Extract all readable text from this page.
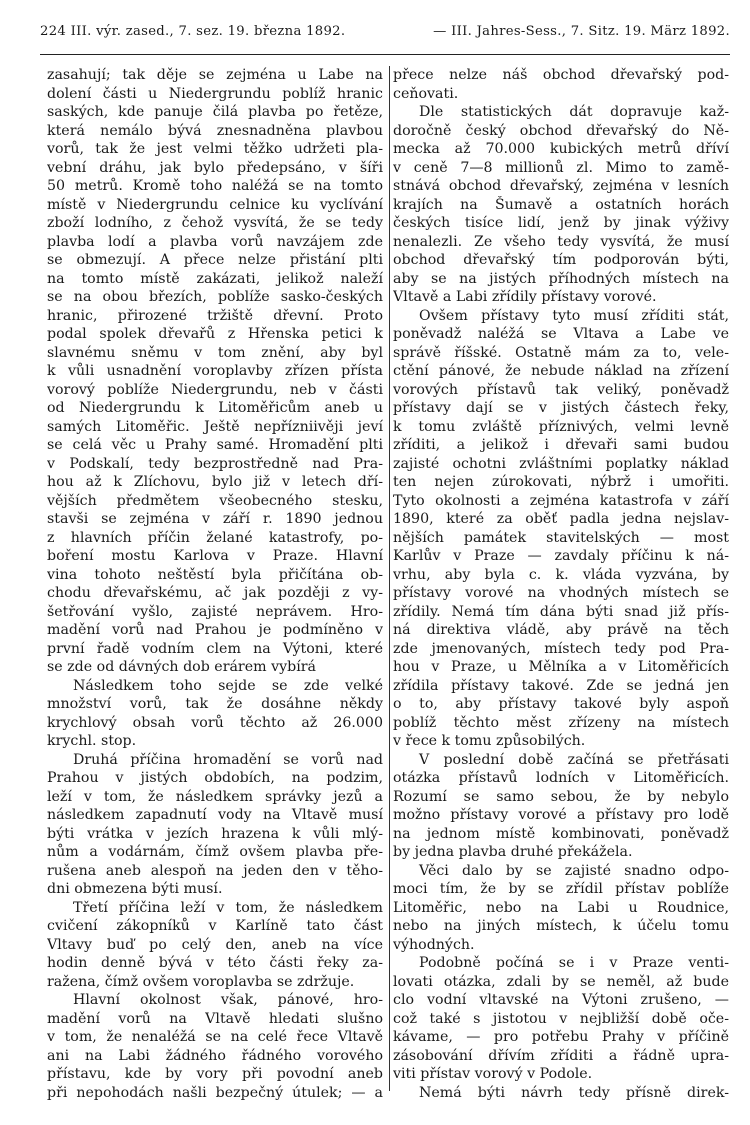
224 III. výr. zased., 7. sez. 19. března 1892.	— III. Jahres-Sess., 7. Sitz. 19. März 1892.
zasahují; tak děje se zejména u Labe na
dolení části u Niedergrundu poblíž hranic
saských, kde panuje čilá plavba po řetěze,
která nemálo bývá znesnadněna plavbou
vorů, tak že jest velmi těžko udržeti pla-
vební dráhu, jak bylo předepsáno, v šíři
50 metrů. Kromě toho naléžá se na tomto
místě v Niedergrundu celnice ku vyclívání
zboží lodního, z čehož vysvítá, že se tedy
plavba lodí a plavba vorů navzájem zde
se obmezují. A přece nelze přistání plti
na tomto místě zakázati, jelikož naleží
se na obou březích, poblíže sasko-českých
hranic, přirozené tržiště dřevní. Proto
podal spolek dřevařů z Hřenska petici k
slavnému sněmu v tom znění, aby byl
k vůli usnadnění voroplavby zřízen přísta
vorový poblíže Niedergrundu, neb v části
od Niedergrundu k Litoměřicům aneb u
samých Litoměřic. Ještě nepřízniivěji jeví
se celá věc u Prahy samé. Hromadění plti
v Podskalí, tedy bezprostředně nad Pra-
hou až k Zlíchovu, bylo již v letech dří-
vějších předmětem všeobecného stesku,
stavši se zejména v září r. 1890 jednou
z hlavních příčin želané katastrofy, po-
boření mostu Karlova v Praze. Hlavní
vina tohoto neštěstí byla přičítána ob-
chodu dřevařskému, ač jak později z vy-
šetřování vyšlo, zajisté neprávem. Hro-
madění vorů nad Prahou je podmíněno v
první řadě vodním clem na Výtoni, které
se zde od dávných dob erárem vybírá
Následkem toho sejde se zde velké
množství vorů, tak že dosáhne někdy
krychlový obsah vorů těchto až 26.000
krychl. stop.
Druhá příčina hromadění se vorů nad
Prahou v jistých obdobích, na podzim,
leží v tom, že následkem správky jezů a
následkem zapadnutí vody na Vltavě musí
býti vrátka v jezích hrazena k vůli mlý-
nům a vodárnám, čímž ovšem plavba pře-
rušena aneb alespoň na jeden den v těho-
dni obmezena býti musí.
Třetí příčina leží v tom, že následkem
cvičení zákopníků v Karlíně tato část
Vltavy buď po celý den, aneb na více
hodin denně bývá v této části řeky za-
ražena, čímž ovšem voroplavba se zdržuje.
Hlavní okolnost však, pánové, hro-
madění vorů na Vltavě hledati slušno
v tom, že nenaléžá se na celé řece Vltavě
ani na Labi žádného řádného vorového
přístavu, kde by vory při povodní aneb
při nepohodách našli bezpečný útulek; — a
přece nelze náš obchod dřevařský pod-
ceňovati.
Dle statistických dát dopravuje kaž-
doročně český obchod dřevařský do Ně-
mecka až 70.000 kubických metrů dříví
v ceně 7—8 millionů zl. Mimo to zamě-
stnává obchod dřevařský, zejména v lesních
krajích na Šumavě a ostatních horách
českých tisíce lidí, jenž by jinak výživy
nenalezli. Ze všeho tedy vysvítá, že musí
obchod dřevařský tím podporován býti,
aby se na jistých příhodných místech na
Vltavě a Labi zřídily přístavy vorové.
Ovšem přístavy tyto musí zříditi stát,
poněvadž naléžá se Vltava a Labe ve
správě říšské. Ostatně mám za to, vele-
ctění pánové, že nebude náklad na zřízení
vorových přístavů tak veliký, poněvadž
přístavy dají se v jistých částech řeky,
k tomu zvláště příznivých, velmi levně
zříditi, a jelikož i dřevaři sami budou
zajisté ochotni zvláštními poplatky náklad
ten nejen zúrokovati, nýbrž i umořiti.
Tyto okolnosti a zejména katastrofa v září
1890, které za oběť padla jedna nejslav-
nějších památek stavitelských — most
Karlův v Praze — zavdaly příčinu k ná-
vrhu, aby byla c. k. vláda vyzvána, by
přístavy vorové na vhodných místech se
zřídily. Nemá tím dána býti snad již přís-
ná direktiva vládě, aby právě na těch
zde jmenovaných, místech tedy pod Pra-
hou v Praze, u Mělníka a v Litoměřicích
zřídila přístavy takové. Zde se jedná jen
o to, aby přístavy takové byly aspoň
poblíž těchto měst zřízeny na místech
v řece k tomu způsobilých.
V poslední době začíná se přetřásati
otázka přístavů lodních v Litoměřicích.
Rozumí se samo sebou, že by nebylo
možno přístavy vorové a přístavy pro lodě
na jednom místě kombinovati, poněvadž
by jedna plavba druhé překážela.
Věci dalo by se zajisté snadno odpo-
moci tím, že by se zřídil přístav poblíže
Litoměřic, nebo na Labi u Roudnice,
nebo na jiných místech, k účelu tomu
výhodných.
Podobně počíná se i v Praze venti-
lovati otázka, zdali by se neměl, až bude
clo vodní vltavské na Výtoni zrušeno, —
což také s jistotou v nejbližší době oče-
kávame, — pro potřebu Prahy v příčině
zásobování dřívím zříditi a řádně upra-
viti přístav vorový v Podole.
Nemá býti návrh tedy přísně direk-
